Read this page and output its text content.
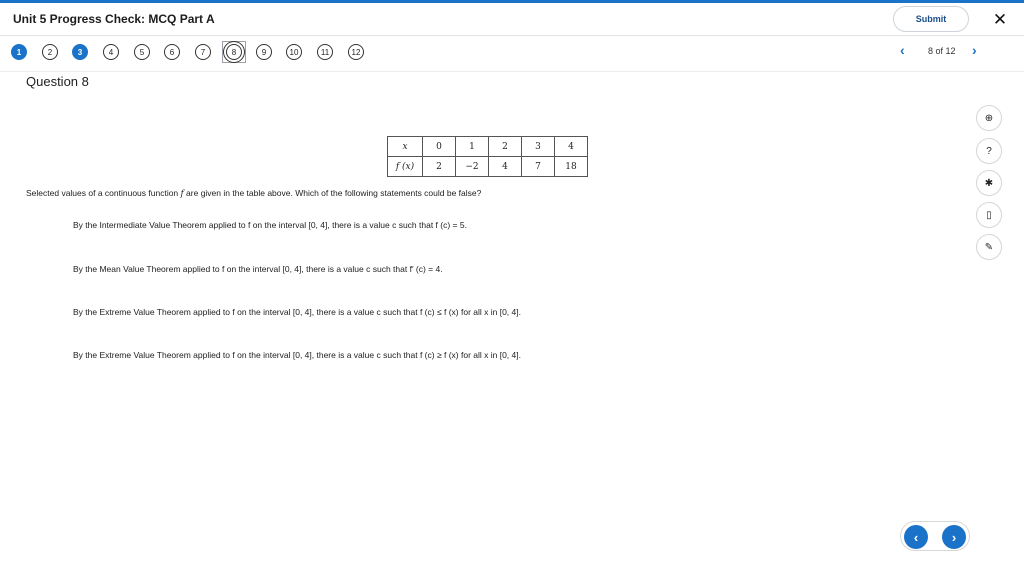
Unit 5 Progress Check: MCQ Part A	Submit	✕
1	2	3	4	5	6	7	8	9	10	11	12	‹	8 of 12 ›
Question 8
x	0	1	2	3	4
f (x)	2	−2	4	7	18
Selected values of a continuous function f are given in the table above. Which of the following statements could be false?
By the Intermediate Value Theorem applied to f on the interval [0, 4], there is a value c such that f (c) = 5.
By the Mean Value Theorem applied to f on the interval [0, 4], there is a value c such that f′ (c) = 4.
By the Extreme Value Theorem applied to f on the interval [0, 4], there is a value c such that f (c) ≤ f (x) for all x in [0, 4].
By the Extreme Value Theorem applied to f on the interval [0, 4], there is a value c such that f (c) ≥ f (x) for all x in [0, 4].
⊕
?
✱
▯
✎
‹	›
